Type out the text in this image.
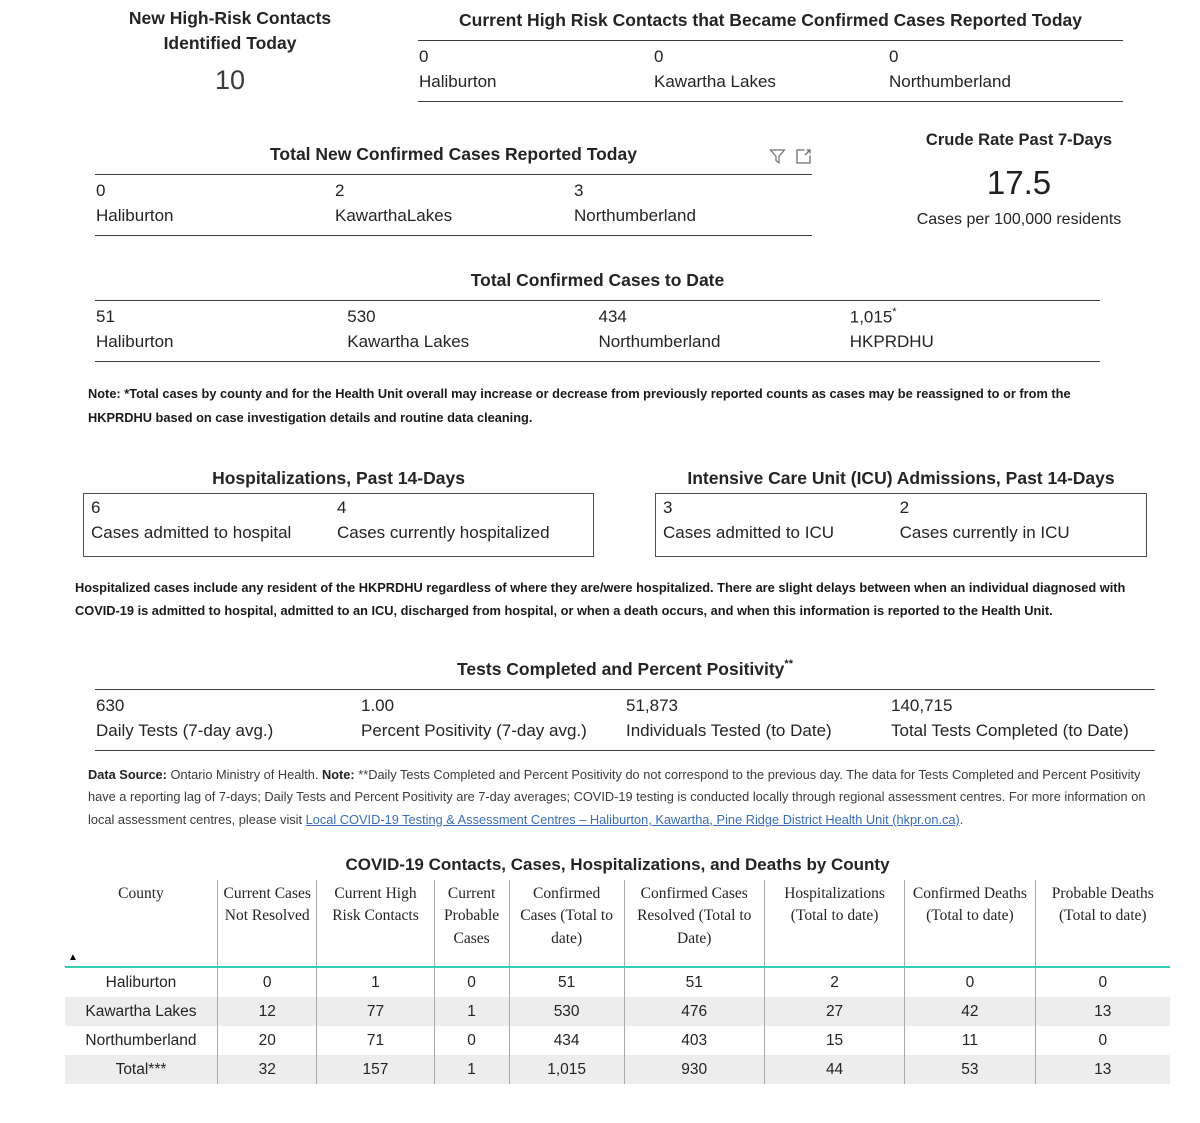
New High-Risk Contacts Identified Today
10
Current High Risk Contacts that Became Confirmed Cases Reported Today
0
Haliburton
0
Kawartha Lakes
0
Northumberland
Total New Confirmed Cases Reported Today
0
Haliburton
2
KawarthaLakes
3
Northumberland
Crude Rate Past 7-Days
17.5
Cases per 100,000 residents
Total Confirmed Cases to Date
51
Haliburton
530
Kawartha Lakes
434
Northumberland
1,015*
HKPRDHU
Note: *Total cases by county and for the Health Unit overall may increase or decrease from previously reported counts as cases may be reassigned to or from the HKPRDHU based on case investigation details and routine data cleaning.
Hospitalizations, Past 14-Days
6
Cases admitted to hospital
4
Cases currently hospitalized
Intensive Care Unit (ICU) Admissions, Past 14-Days
3
Cases admitted to ICU
2
Cases currently in ICU
Hospitalized cases include any resident of the HKPRDHU regardless of where they are/were hospitalized. There are slight delays between when an individual diagnosed with COVID-19 is admitted to hospital, admitted to an ICU, discharged from hospital, or when a death occurs, and when this information is reported to the Health Unit.
Tests Completed and Percent Positivity**
630
Daily Tests (7-day avg.)
1.00
Percent Positivity (7-day avg.)
51,873
Individuals Tested (to Date)
140,715
Total Tests Completed (to Date)
Data Source: Ontario Ministry of Health. Note: **Daily Tests Completed and Percent Positivity do not correspond to the previous day. The data for Tests Completed and Percent Positivity have a reporting lag of 7-days; Daily Tests and Percent Positivity are 7-day averages; COVID-19 testing is conducted locally through regional assessment centres. For more information on local assessment centres, please visit Local COVID-19 Testing & Assessment Centres – Haliburton, Kawartha, Pine Ridge District Health Unit (hkpr.on.ca).
COVID-19 Contacts, Cases, Hospitalizations, and Deaths by County
County
▲	Current Cases Not Resolved	Current High Risk Contacts	Current Probable Cases	Confirmed Cases (Total to date)	Confirmed Cases Resolved (Total to Date)	Hospitalizations (Total to date)	Confirmed Deaths (Total to date)	Probable Deaths (Total to date)
Haliburton	0	1	0	51	51	2	0	0
Kawartha Lakes	12	77	1	530	476	27	42	13
Northumberland	20	71	0	434	403	15	11	0
Total***	32	157	1	1,015	930	44	53	13
